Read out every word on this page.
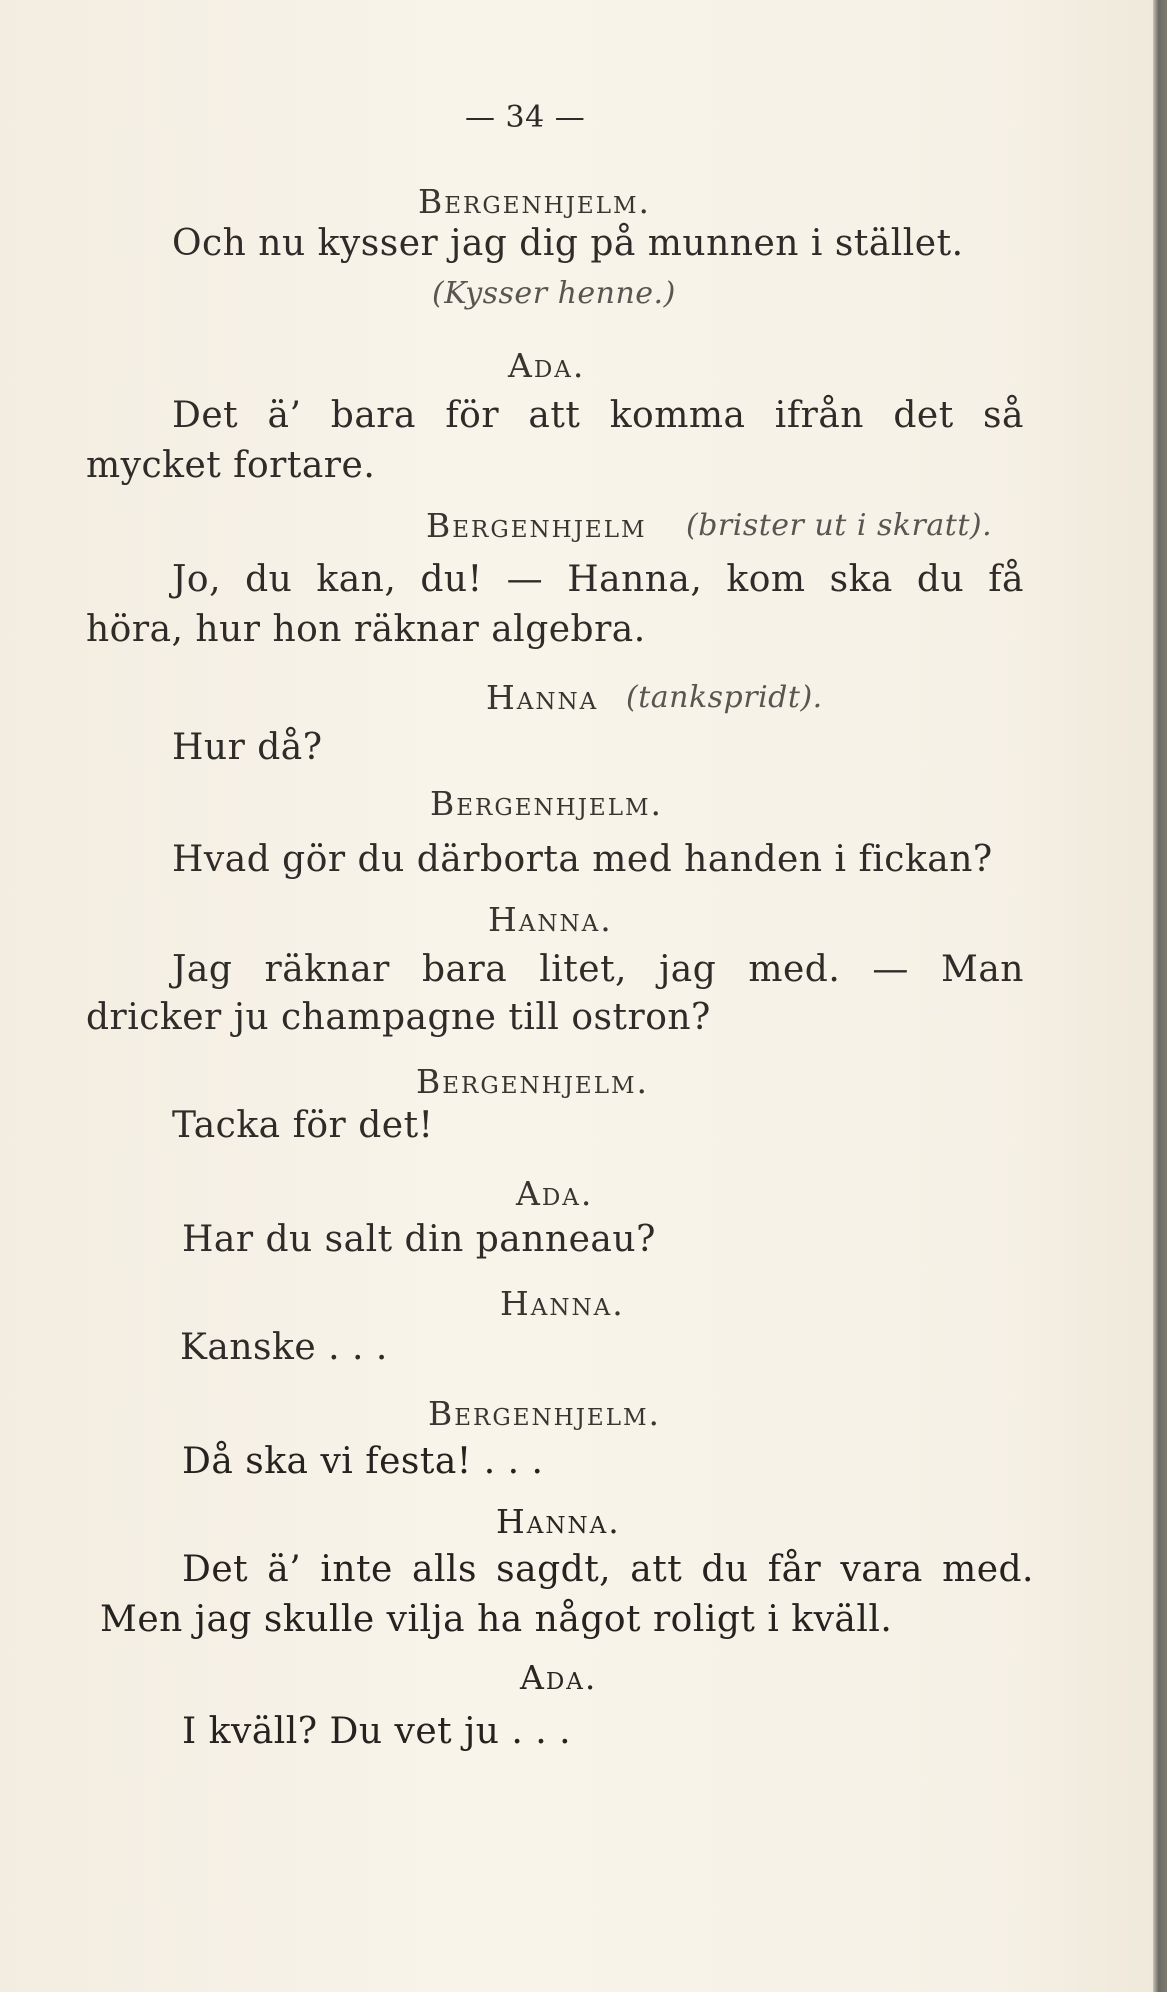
— 34 —
Bergenhjelm.
Och nu kysser jag dig på munnen i stället.
(Kysser henne.)
Ada.
Det ä’ bara för att komma ifrån det så
mycket fortare.
Bergenhjelm (brister ut i skratt).
Jo, du kan, du! — Hanna, kom ska du få
höra, hur hon räknar algebra.
Hanna (tankspridt).
Hur då?
Bergenhjelm.
Hvad gör du därborta med handen i fickan?
Hanna.
Jag räknar bara litet, jag med. — Man
dricker ju champagne till ostron?
Bergenhjelm.
Tacka för det!
Ada.
Har du salt din panneau?
Hanna.
Kanske . . .
Bergenhjelm.
Då ska vi festa! . . .
Hanna.
Det ä’ inte alls sagdt, att du får vara med.
Men jag skulle vilja ha något roligt i kväll.
Ada.
I kväll? Du vet ju . . .
